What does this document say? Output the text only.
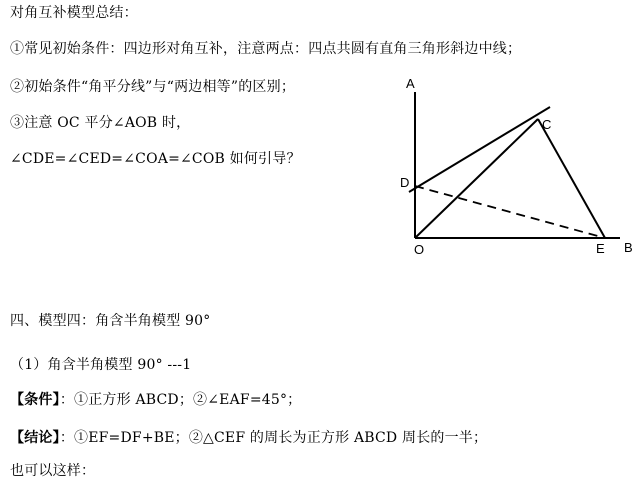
对角互补模型总结：
①常见初始条件：四边形对角互补，注意两点：四点共圆有直角三角形斜边中线；
②初始条件“角平分线”与“两边相等”的区别；
③注意 OC 平分∠AOB 时，
∠CDE=∠CED=∠COA=∠COB 如何引导？
A
C
D
O	E B
四、模型四：角含半角模型 90°
（1）角含半角模型 90° ---1
【条件】：①正方形 ABCD；②∠EAF=45°；
【结论】：①EF=DF+BE；②△CEF 的周长为正方形 ABCD 周长的一半；
也可以这样：
